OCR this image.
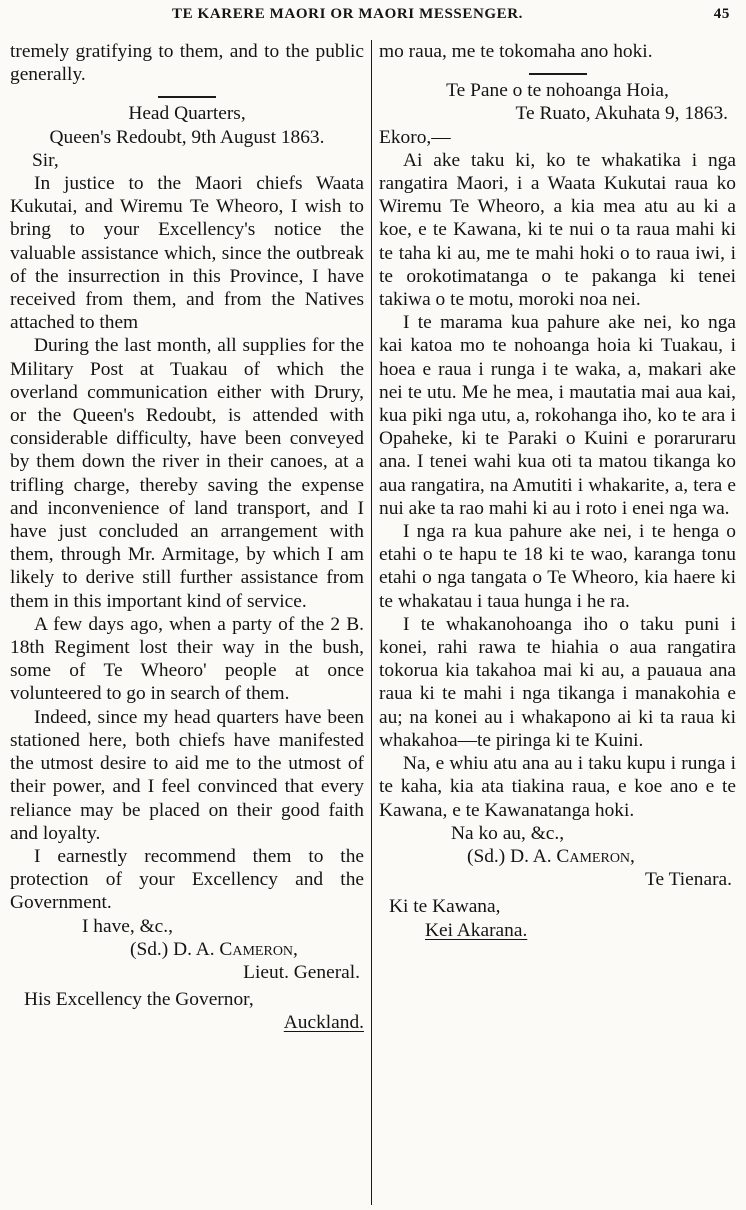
TE KARERE MAORI OR MAORI MESSENGER.	45

tremely gratifying to them, and to the public generally.

Head Quarters,

Queen's Redoubt, 9th August 1863.

Sir,

In justice to the Maori chiefs Waata Kukutai, and Wiremu Te Wheoro, I wish to bring to your Excellency's notice the valuable assistance which, since the outbreak of the insurrection in this Province, I have received from them, and from the Natives attached to them

During the last month, all supplies for the Military Post at Tuakau of which the overland communication either with Drury, or the Queen's Redoubt, is attended with considerable difficulty, have been conveyed by them down the river in their canoes, at a trifling charge, thereby saving the expense and inconvenience of land transport, and I have just concluded an arrangement with them, through Mr. Armitage, by which I am likely to derive still further assistance from them in this important kind of service.

A few days ago, when a party of the 2 B. 18th Regiment lost their way in the bush, some of Te Wheoro' people at once volunteered to go in search of them.

Indeed, since my head quarters have been stationed here, both chiefs have manifested the utmost desire to aid me to the utmost of their power, and I feel convinced that every reliance may be placed on their good faith and loyalty.

I earnestly recommend them to the protection of your Excellency and the Government.

I have, &c.,

(Sd.) D. A. Cameron,

Lieut. General.

His Excellency the Governor,

Auckland.

mo raua, me te tokomaha ano hoki.

Te Pane o te nohoanga Hoia,

Te Ruato, Akuhata 9, 1863.

Ekoro,—

Ai ake taku ki, ko te whakatika i nga rangatira Maori, i a Waata Kukutai raua ko Wiremu Te Wheoro, a kia mea atu au ki a koe, e te Kawana, ki te nui o ta raua mahi ki te taha ki au, me te mahi hoki o to raua iwi, i te orokotimatanga o te pakanga ki tenei takiwa o te motu, moroki noa nei.

I te marama kua pahure ake nei, ko nga kai katoa mo te nohoanga hoia ki Tuakau, i hoea e raua i runga i te waka, a, makari ake nei te utu. Me he mea, i mautatia mai aua kai, kua piki nga utu, a, rokohanga iho, ko te ara i Opaheke, ki te Paraki o Kuini e poraruraru ana. I tenei wahi kua oti ta matou tikanga ko aua rangatira, na Amutiti i whakarite, a, tera e nui ake ta rao mahi ki au i roto i enei nga wa.

I nga ra kua pahure ake nei, i te henga o etahi o te hapu te 18 ki te wao, karanga tonu etahi o nga tangata o Te Wheoro, kia haere ki te whakatau i taua hunga i he ra.

I te whakanohoanga iho o taku puni i konei, rahi rawa te hiahia o aua rangatira tokorua kia takahoa mai ki au, a pauaua ana raua ki te mahi i nga tikanga i manakohia e au; na konei au i whakapono ai ki ta raua ki whakahoa—te piringa ki te Kuini.

Na, e whiu atu ana au i taku kupu i runga i te kaha, kia ata tiakina raua, e koe ano e te Kawana, e te Kawanatanga hoki.

Na ko au, &c.,

(Sd.) D. A. Cameron,

Te Tienara.

Ki te Kawana,

Kei Akarana.
